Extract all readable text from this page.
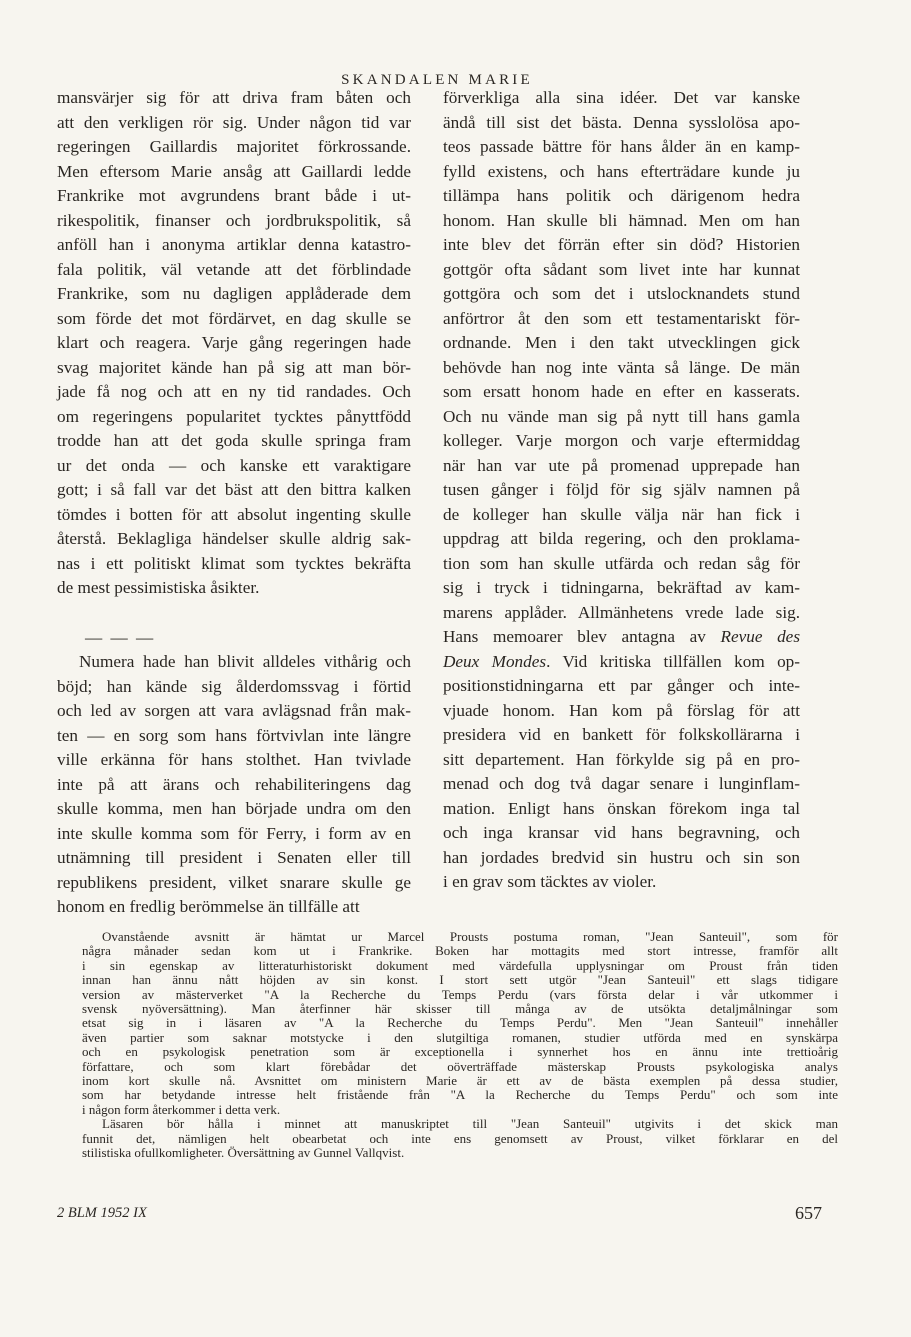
SKANDALEN MARIE
mansvärjer sig för att driva fram båten och
att den verkligen rör sig. Under någon tid var
regeringen Gaillardis majoritet förkrossande.
Men eftersom Marie ansåg att Gaillardi ledde
Frankrike mot avgrundens brant både i ut-
rikespolitik, finanser och jordbrukspolitik, så
anföll han i anonyma artiklar denna katastro-
fala politik, väl vetande att det förblindade
Frankrike, som nu dagligen applåderade dem
som förde det mot fördärvet, en dag skulle se
klart och reagera. Varje gång regeringen hade
svag majoritet kände han på sig att man bör-
jade få nog och att en ny tid randades. Och
om regeringens popularitet tycktes pånyttfödd
trodde han att det goda skulle springa fram
ur det onda — och kanske ett varaktigare
gott; i så fall var det bäst att den bittra kalken
tömdes i botten för att absolut ingenting skulle
återstå. Beklagliga händelser skulle aldrig sak-
nas i ett politiskt klimat som tycktes bekräfta
de mest pessimistiska åsikter.
— — —
Numera hade han blivit alldeles vithårig och
böjd; han kände sig ålderdomssvag i förtid
och led av sorgen att vara avlägsnad från mak-
ten — en sorg som hans förtvivlan inte längre
ville erkänna för hans stolthet. Han tvivlade
inte på att ärans och rehabiliteringens dag
skulle komma, men han började undra om den
inte skulle komma som för Ferry, i form av en
utnämning till president i Senaten eller till
republikens president, vilket snarare skulle ge
honom en fredlig berömmelse än tillfälle att
förverkliga alla sina idéer. Det var kanske
ändå till sist det bästa. Denna sysslolösa apo-
teos passade bättre för hans ålder än en kamp-
fylld existens, och hans efterträdare kunde ju
tillämpa hans politik och därigenom hedra
honom. Han skulle bli hämnad. Men om han
inte blev det förrän efter sin död? Historien
gottgör ofta sådant som livet inte har kunnat
gottgöra och som det i utslocknandets stund
anförtror åt den som ett testamentariskt för-
ordnande. Men i den takt utvecklingen gick
behövde han nog inte vänta så länge. De män
som ersatt honom hade en efter en kasserats.
Och nu vände man sig på nytt till hans gamla
kolleger. Varje morgon och varje eftermiddag
när han var ute på promenad upprepade han
tusen gånger i följd för sig själv namnen på
de kolleger han skulle välja när han fick i
uppdrag att bilda regering, och den proklama-
tion som han skulle utfärda och redan såg för
sig i tryck i tidningarna, bekräftad av kam-
marens applåder. Allmänhetens vrede lade sig.
Hans memoarer blev antagna av Revue des
Deux Mondes. Vid kritiska tillfällen kom op-
positionstidningarna ett par gånger och inte-
vjuade honom. Han kom på förslag för att
presidera vid en bankett för folkskollärarna i
sitt departement. Han förkylde sig på en pro-
menad och dog två dagar senare i lunginflam-
mation. Enligt hans önskan förekom inga tal
och inga kransar vid hans begravning, och
han jordades bredvid sin hustru och sin son
i en grav som täcktes av violer.
Ovanstående avsnitt är hämtat ur Marcel Prousts postuma roman, "Jean Santeuil", som för
några månader sedan kom ut i Frankrike. Boken har mottagits med stort intresse, framför allt
i sin egenskap av litteraturhistoriskt dokument med värdefulla upplysningar om Proust från tiden
innan han ännu nått höjden av sin konst. I stort sett utgör "Jean Santeuil" ett slags tidigare
version av mästerverket "A la Recherche du Temps Perdu (vars första delar i vår utkommer i
svensk nyöversättning). Man återfinner här skisser till många av de utsökta detaljmålningar som
etsat sig in i läsaren av "A la Recherche du Temps Perdu". Men "Jean Santeuil" innehåller
även partier som saknar motstycke i den slutgiltiga romanen, studier utförda med en synskärpa
och en psykologisk penetration som är exceptionella i synnerhet hos en ännu inte trettioårig
författare, och som klart förebådar det oöverträffade mästerskap Prousts psykologiska analys
inom kort skulle nå. Avsnittet om ministern Marie är ett av de bästa exemplen på dessa studier,
som har betydande intresse helt fristående från "A la Recherche du Temps Perdu" och som inte
i någon form återkommer i detta verk.
Läsaren bör hålla i minnet att manuskriptet till "Jean Santeuil" utgivits i det skick man
funnit det, nämligen helt obearbetat och inte ens genomsett av Proust, vilket förklarar en del
stilistiska ofullkomligheter. Översättning av Gunnel Vallqvist.
2 BLM 1952 IX	657
